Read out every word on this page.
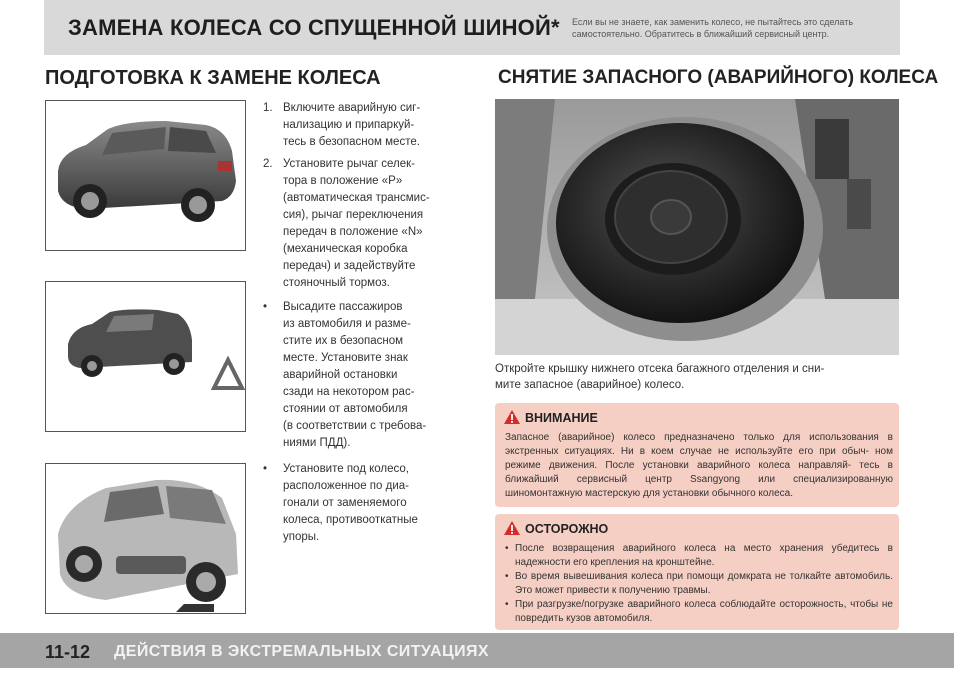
ЗАМЕНА КОЛЕСА СО СПУЩЕННОЙ ШИНОЙ* Если вы не знаете, как заменить колесо, не пытайтесь это сделать самостоятельно. Обратитесь в ближайший сервисный центр.
ПОДГОТОВКА К ЗАМЕНЕ КОЛЕСА
1. Включите аварийную сиг-
нализацию и припаркуй-
тесь в безопасном месте.
2. Установите рычаг селек-
тора в положение «P»
(автоматическая трансмис-
сия), рычаг переключения
передач в положение «N»
(механическая коробка
передач) и задействуйте
стояночный тормоз.
• Высадите пассажиров
из автомобиля и разме-
стите их в безопасном
месте. Установите знак
аварийной остановки
сзади на некотором рас-
стоянии от автомобиля
(в соответствии с требова-
ниями ПДД).
• Установите под колесо,
расположенное по диа-
гонали от заменяемого
колеса, противооткатные
упоры.
СНЯТИЕ ЗАПАСНОГО (АВАРИЙНОГО) КОЛЕСА
Откройте крышку нижнего отсека багажного отделения и сни-
мите запасное (аварийное) колесо.
ВНИМАНИЕ
Запасное (аварийное) колесо предназначено только для использования в экстренных ситуациях. Ни в коем случае не используйте его при обыч- ном режиме движения. После установки аварийного колеса направляй- тесь в ближайший сервисный центр Ssangyong или специализированную шиномонтажную мастерскую для установки обычного колеса.
ОСТОРОЖНО
• После возвращения аварийного колеса на место хранения убедитесь в надежности его крепления на кронштейне.
• Во время вывешивания колеса при помощи домкрата не толкайте автомобиль. Это может привести к получению травмы.
• При разгрузке/погрузке аварийного колеса соблюдайте осторожность, чтобы не повредить кузов автомобиля.
11-12 ДЕЙСТВИЯ В ЭКСТРЕМАЛЬНЫХ СИТУАЦИЯХ
